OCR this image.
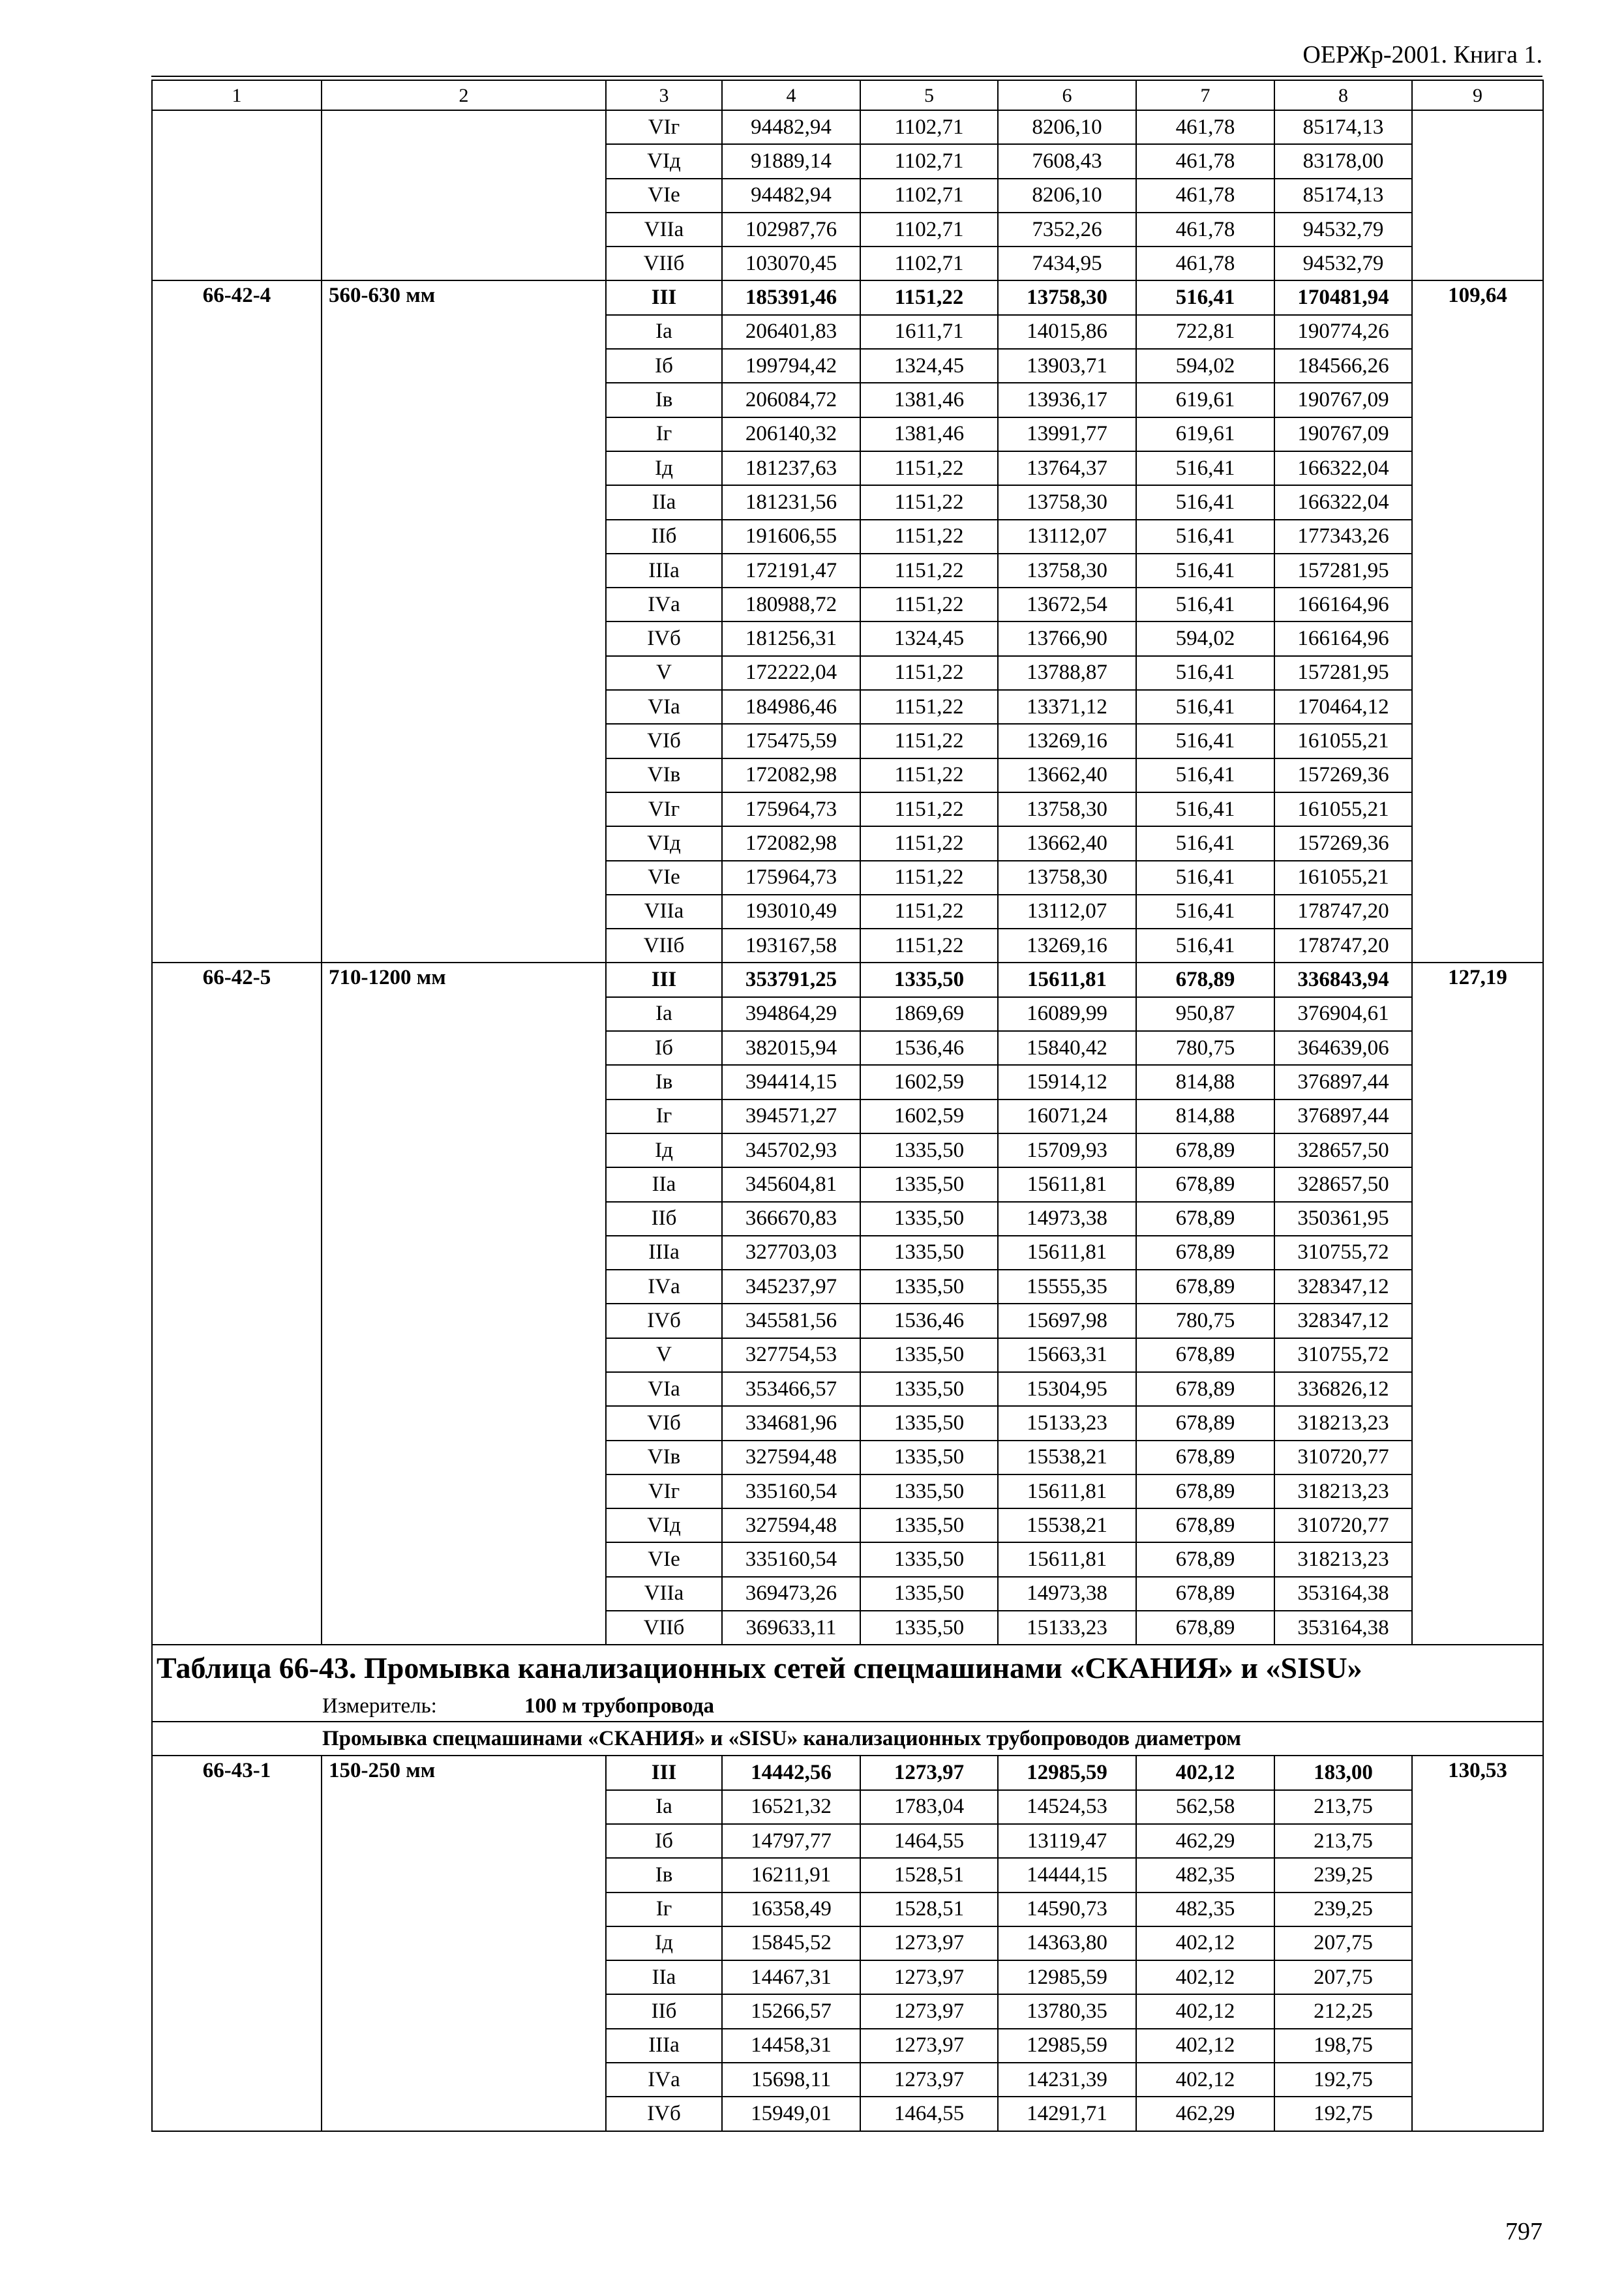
ОЕРЖр-2001. Книга 1.
1	2	3	4	5	6	7	8	9
		VIг	94482,94	1102,71	8206,10	461,78	85174,13	
		VIд	91889,14	1102,71	7608,43	461,78	83178,00	
		VIе	94482,94	1102,71	8206,10	461,78	85174,13	
		VIIа	102987,76	1102,71	7352,26	461,78	94532,79	
		VIIб	103070,45	1102,71	7434,95	461,78	94532,79	
66-42-4	560-630 мм	III	185391,46	1151,22	13758,30	516,41	170481,94	109,64
		Iа	206401,83	1611,71	14015,86	722,81	190774,26	
		Iб	199794,42	1324,45	13903,71	594,02	184566,26	
		Iв	206084,72	1381,46	13936,17	619,61	190767,09	
		Iг	206140,32	1381,46	13991,77	619,61	190767,09	
		Iд	181237,63	1151,22	13764,37	516,41	166322,04	
		IIа	181231,56	1151,22	13758,30	516,41	166322,04	
		IIб	191606,55	1151,22	13112,07	516,41	177343,26	
		IIIа	172191,47	1151,22	13758,30	516,41	157281,95	
		IVа	180988,72	1151,22	13672,54	516,41	166164,96	
		IVб	181256,31	1324,45	13766,90	594,02	166164,96	
		V	172222,04	1151,22	13788,87	516,41	157281,95	
		VIа	184986,46	1151,22	13371,12	516,41	170464,12	
		VIб	175475,59	1151,22	13269,16	516,41	161055,21	
		VIв	172082,98	1151,22	13662,40	516,41	157269,36	
		VIг	175964,73	1151,22	13758,30	516,41	161055,21	
		VIд	172082,98	1151,22	13662,40	516,41	157269,36	
		VIе	175964,73	1151,22	13758,30	516,41	161055,21	
		VIIа	193010,49	1151,22	13112,07	516,41	178747,20	
		VIIб	193167,58	1151,22	13269,16	516,41	178747,20	
66-42-5	710-1200 мм	III	353791,25	1335,50	15611,81	678,89	336843,94	127,19
		Iа	394864,29	1869,69	16089,99	950,87	376904,61	
		Iб	382015,94	1536,46	15840,42	780,75	364639,06	
		Iв	394414,15	1602,59	15914,12	814,88	376897,44	
		Iг	394571,27	1602,59	16071,24	814,88	376897,44	
		Iд	345702,93	1335,50	15709,93	678,89	328657,50	
		IIа	345604,81	1335,50	15611,81	678,89	328657,50	
		IIб	366670,83	1335,50	14973,38	678,89	350361,95	
		IIIа	327703,03	1335,50	15611,81	678,89	310755,72	
		IVа	345237,97	1335,50	15555,35	678,89	328347,12	
		IVб	345581,56	1536,46	15697,98	780,75	328347,12	
		V	327754,53	1335,50	15663,31	678,89	310755,72	
		VIа	353466,57	1335,50	15304,95	678,89	336826,12	
		VIб	334681,96	1335,50	15133,23	678,89	318213,23	
		VIв	327594,48	1335,50	15538,21	678,89	310720,77	
		VIг	335160,54	1335,50	15611,81	678,89	318213,23	
		VIд	327594,48	1335,50	15538,21	678,89	310720,77	
		VIе	335160,54	1335,50	15611,81	678,89	318213,23	
		VIIа	369473,26	1335,50	14973,38	678,89	353164,38	
		VIIб	369633,11	1335,50	15133,23	678,89	353164,38	
Таблица 66-43. Промывка канализационных сетей спецмашинами «СКАНИЯ» и «SISU»								
Измеритель: 100 м трубопровода								
Промывка спецмашинами «СКАНИЯ» и «SISU» канализационных трубопроводов диаметром								
66-43-1	150-250 мм	III	14442,56	1273,97	12985,59	402,12	183,00	130,53
		Iа	16521,32	1783,04	14524,53	562,58	213,75	
		Iб	14797,77	1464,55	13119,47	462,29	213,75	
		Iв	16211,91	1528,51	14444,15	482,35	239,25	
		Iг	16358,49	1528,51	14590,73	482,35	239,25	
		Iд	15845,52	1273,97	14363,80	402,12	207,75	
		IIа	14467,31	1273,97	12985,59	402,12	207,75	
		IIб	15266,57	1273,97	13780,35	402,12	212,25	
		IIIа	14458,31	1273,97	12985,59	402,12	198,75	
		IVа	15698,11	1273,97	14231,39	402,12	192,75	
		IVб	15949,01	1464,55	14291,71	462,29	192,75	
797
